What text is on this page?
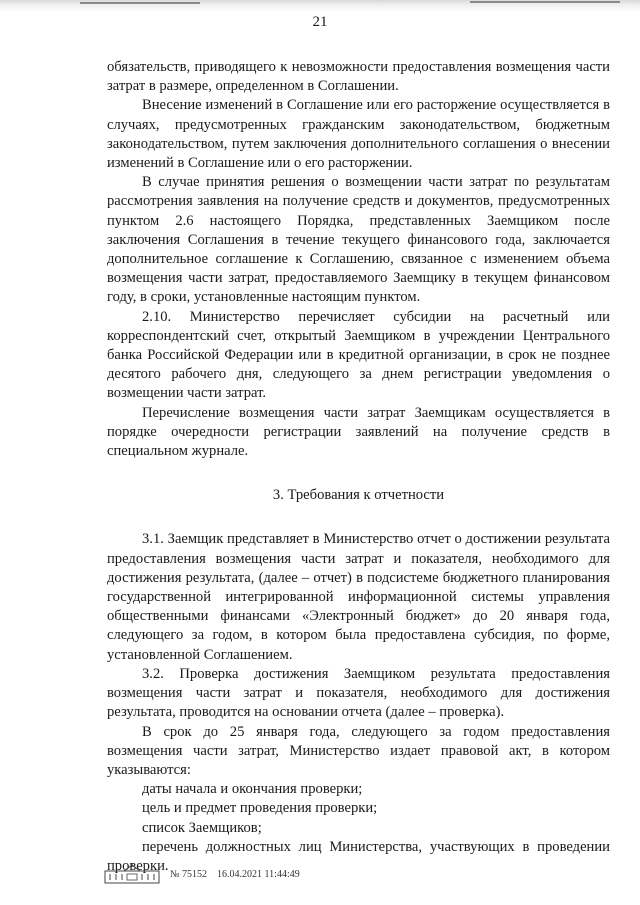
21

обязательств, приводящего к невозможности предоставления возмещения части затрат в размере, определенном в Соглашении.

Внесение изменений в Соглашение или его расторжение осуществляется в случаях, предусмотренных гражданским законодательством, бюджетным законодательством, путем заключения дополнительного соглашения о внесении изменений в Соглашение или о его расторжении.

В случае принятия решения о возмещении части затрат по результатам рассмотрения заявления на получение средств и документов, предусмотренных пунктом 2.6 настоящего Порядка, представленных Заемщиком после заключения Соглашения в течение текущего финансового года, заключается дополнительное соглашение к Соглашению, связанное с изменением объема возмещения части затрат, предоставляемого Заемщику в текущем финансовом году, в сроки, установленные настоящим пунктом.

2.10. Министерство перечисляет субсидии на расчетный или корреспондентский счет, открытый Заемщиком в учреждении Центрального банка Российской Федерации или в кредитной организации, в срок не позднее десятого рабочего дня, следующего за днем регистрации уведомления о возмещении части затрат.

Перечисление возмещения части затрат Заемщикам осуществляется в порядке очередности регистрации заявлений на получение средств в специальном журнале.

3. Требования к отчетности

3.1. Заемщик представляет в Министерство отчет о достижении результата предоставления возмещения части затрат и показателя, необходимого для достижения результата, (далее – отчет) в подсистеме бюджетного планирования государственной интегрированной информационной системы управления общественными финансами «Электронный бюджет» до 20 января года, следующего за годом, в котором была предоставлена субсидия, по форме, установленной Соглашением.

3.2. Проверка достижения Заемщиком результата предоставления возмещения части затрат и показателя, необходимого для достижения результата, проводится на основании отчета (далее – проверка).

В срок до 25 января года, следующего за годом предоставления возмещения части затрат, Министерство издает правовой акт, в котором указываются:

даты начала и окончания проверки;

цель и предмет проведения проверки;

список Заемщиков;

перечень должностных лиц Министерства, участвующих в проведении проверки.

№ 75152 16.04.2021 11:44:49
